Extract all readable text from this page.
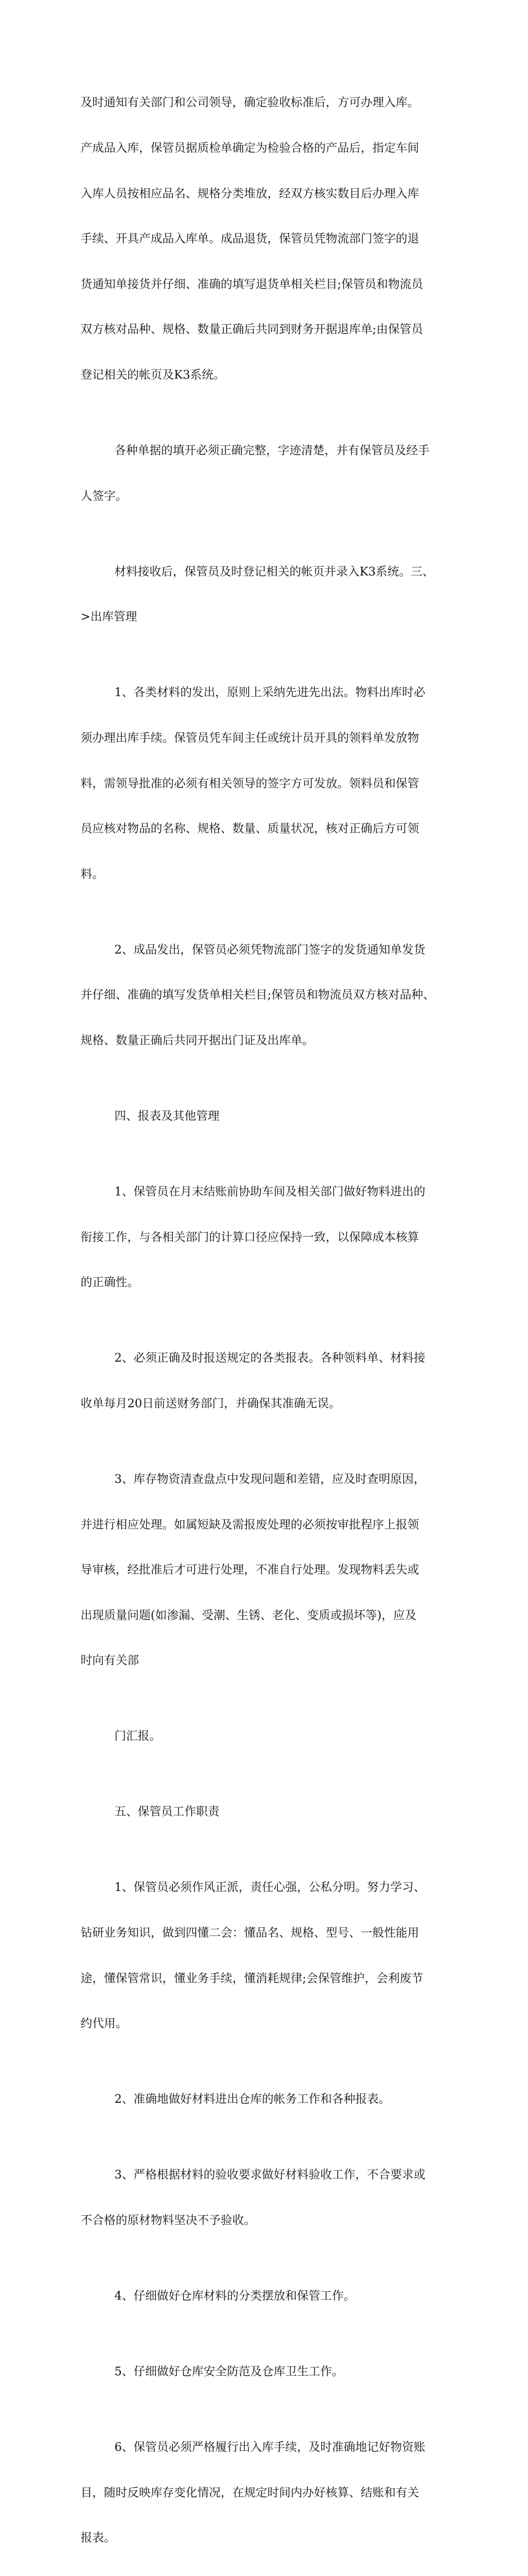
及时通知有关部门和公司领导，确定验收标准后，方可办理入库。

产成品入库，保管员据质检单确定为检验合格的产品后，指定车间

入库人员按相应品名、规格分类堆放，经双方核实数目后办理入库

手续、开具产成品入库单。成品退货，保管员凭物流部门签字的退

货通知单接货并仔细、准确的填写退货单相关栏目;保管员和物流员

双方核对品种、规格、数量正确后共同到财务开据退库单;由保管员

登记相关的帐页及K3系统。

各种单据的填开必须正确完整，字迹清楚，并有保管员及经手

人签字。

材料接收后，保管员及时登记相关的帐页并录入K3系统。三、

>出库管理

1、各类材料的发出，原则上采纳先进先出法。物料出库时必

须办理出库手续。保管员凭车间主任或统计员开具的领料单发放物

料，需领导批准的必须有相关领导的签字方可发放。领料员和保管

员应核对物品的名称、规格、数量、质量状况，核对正确后方可领

料。

2、成品发出，保管员必须凭物流部门签字的发货通知单发货

并仔细、准确的填写发货单相关栏目;保管员和物流员双方核对品种、

规格、数量正确后共同开据出门证及出库单。

四、报表及其他管理

1、保管员在月末结账前协助车间及相关部门做好物料进出的

衔接工作，与各相关部门的计算口径应保持一致，以保障成本核算

的正确性。

2、必须正确及时报送规定的各类报表。各种领料单、材料接

收单每月20日前送财务部门，并确保其准确无误。

3、库存物资清查盘点中发现问题和差错，应及时查明原因，

并进行相应处理。如属短缺及需报废处理的必须按审批程序上报领

导审核，经批准后才可进行处理，不准自行处理。发现物料丢失或

出现质量问题(如渗漏、受潮、生锈、老化、变质或损坏等)，应及

时向有关部

门汇报。

五、保管员工作职责

1、保管员必须作风正派，责任心强，公私分明。努力学习、

钻研业务知识，做到四懂二会：懂品名、规格、型号、一般性能用

途，懂保管常识，懂业务手续，懂消耗规律;会保管维护，会利废节

约代用。

2、准确地做好材料进出仓库的帐务工作和各种报表。

3、严格根据材料的验收要求做好材料验收工作，不合要求或

不合格的原材物料坚决不予验收。

4、仔细做好仓库材料的分类摆放和保管工作。

5、仔细做好仓库安全防范及仓库卫生工作。

6、保管员必须严格履行出入库手续，及时准确地记好物资账

目，随时反映库存变化情况，在规定时间内办好核算、结账和有关

报表。
